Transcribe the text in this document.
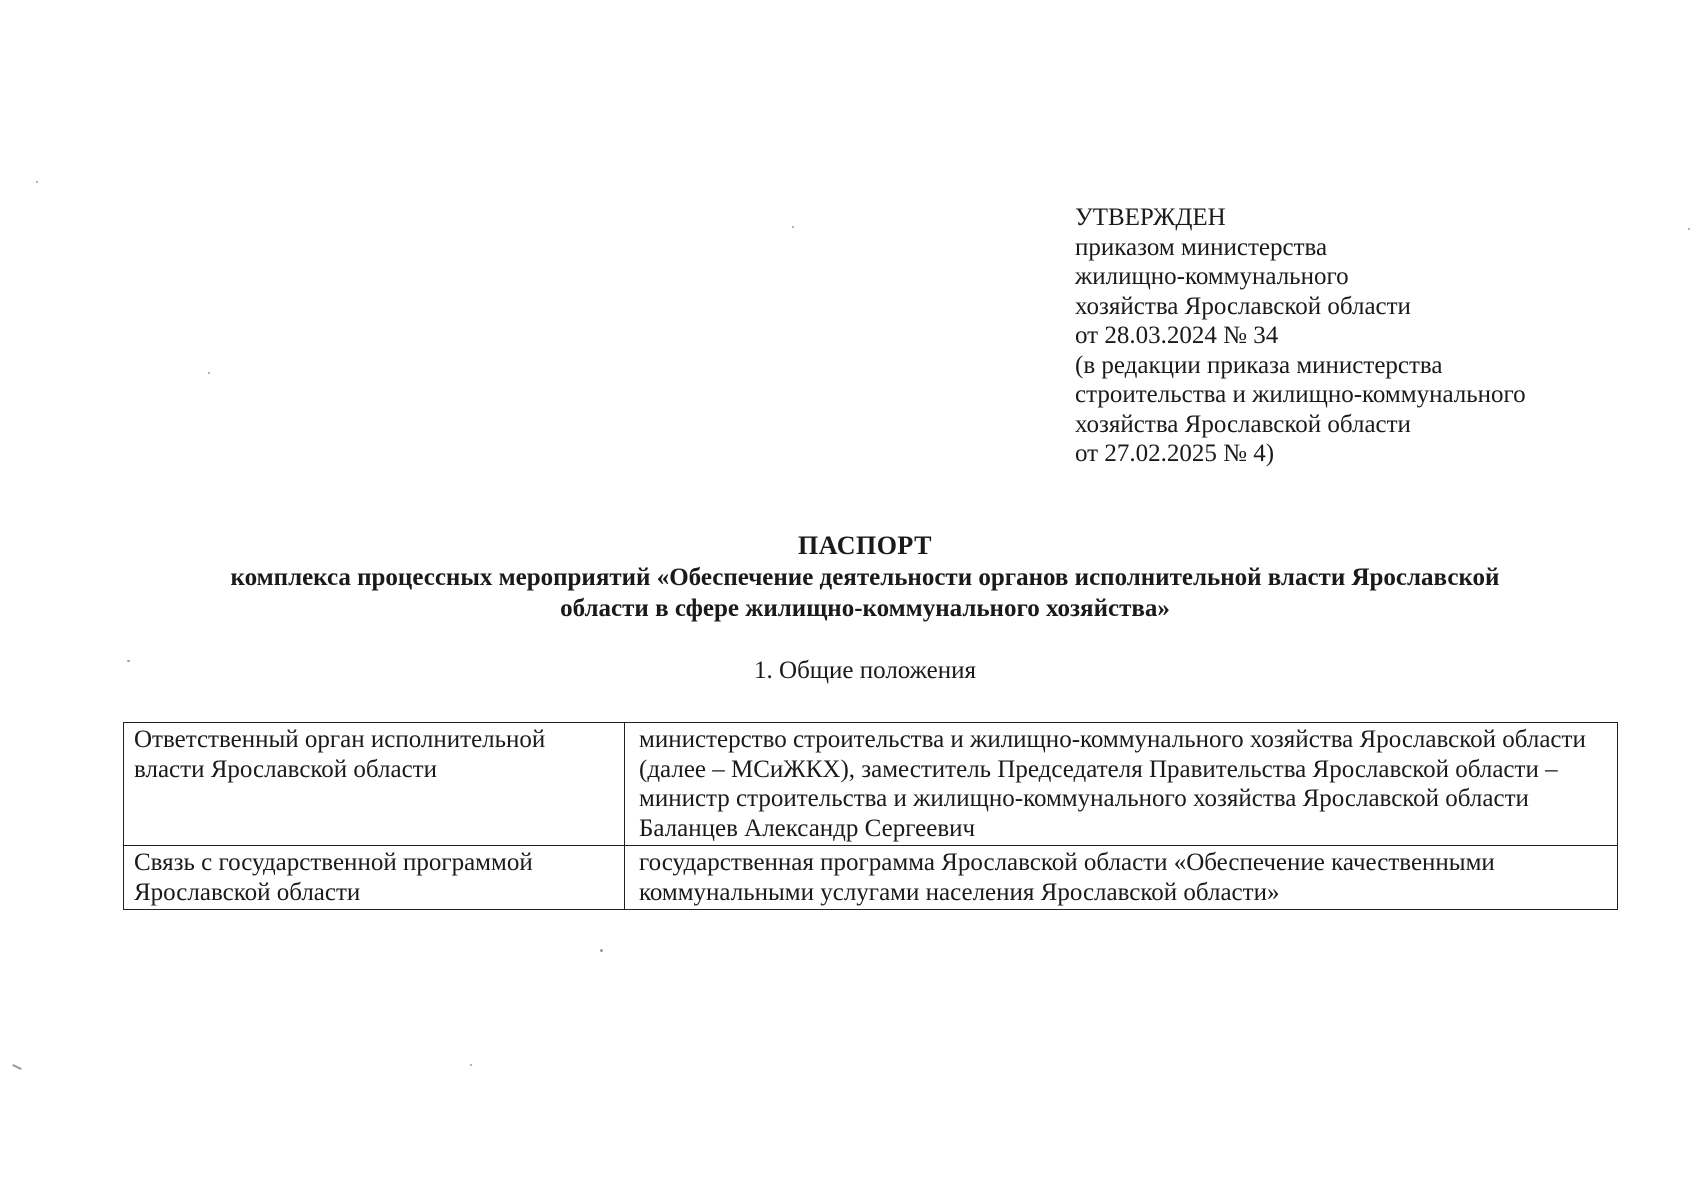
УТВЕРЖДЕН
приказом министерства
жилищно-коммунального
хозяйства Ярославской области
от 28.03.2024 № 34
(в редакции приказа министерства
строительства и жилищно-коммунального
хозяйства Ярославской области
от 27.02.2025 № 4)

ПАСПОРТ

комплекса процессных мероприятий «Обеспечение деятельности органов исполнительной власти Ярославской

области в сфере жилищно-коммунального хозяйства»

1. Общие положения
Ответственный орган исполнительной власти Ярославской области	министерство строительства и жилищно-коммунального хозяйства Ярославской области (далее – МСиЖКХ), заместитель Председателя Правительства Ярославской области – министр строительства и жилищно-коммунального хозяйства Ярославской области Баланцев Александр Сергеевич
Связь с государственной программой Ярославской области	государственная программа Ярославской области «Обеспечение качественными коммунальными услугами населения Ярославской области»
